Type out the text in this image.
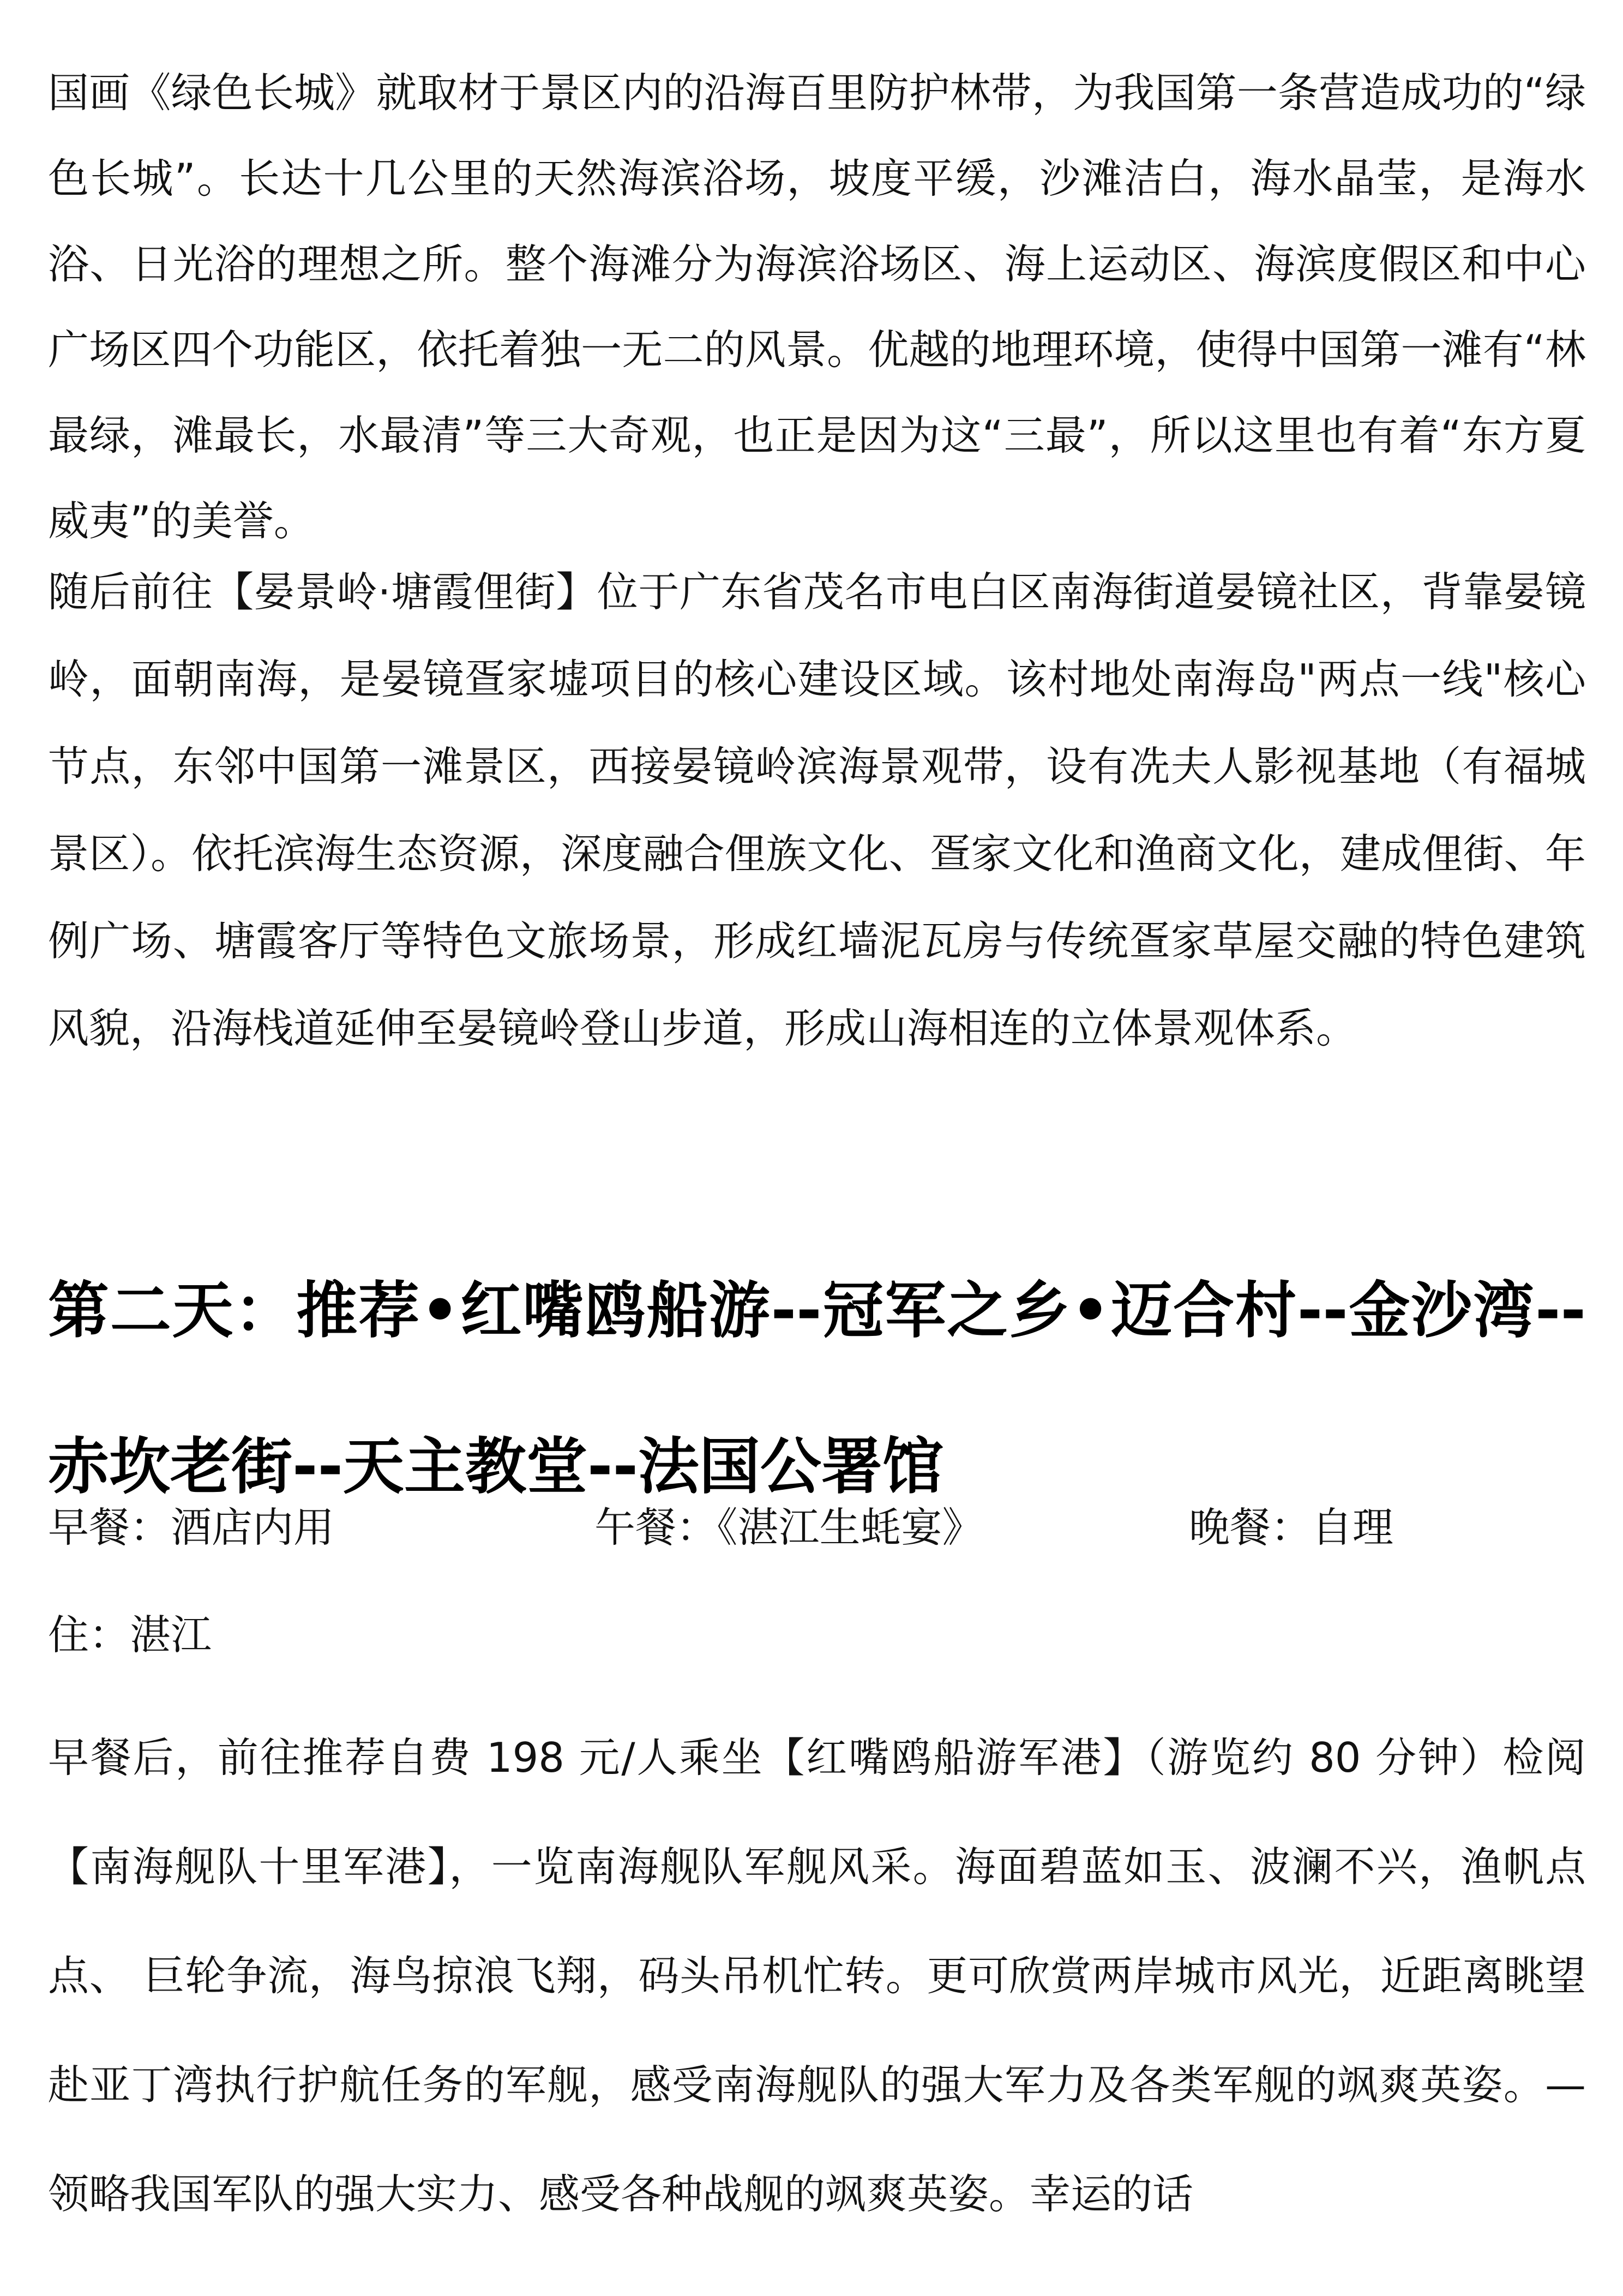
国画《绿色长城》就取材于景区内的沿海百里防护林带，为我国第一条营造成功的“绿色长城”。长达十几公里的天然海滨浴场，坡度平缓，沙滩洁白，海水晶莹，是海水浴、日光浴的理想之所。整个海滩分为海滨浴场区、海上运动区、海滨度假区和中心广场区四个功能区，依托着独一无二的风景。优越的地理环境，使得中国第一滩有“林最绿，滩最长，水最清”等三大奇观，也正是因为这“三最”，所以这里也有着“东方夏威夷”的美誉。

随后前往【晏景岭·塘霞俚街】位于广东省茂名市电白区南海街道晏镜社区，背靠晏镜岭，面朝南海，是晏镜疍家墟项目的核心建设区域。该村地处南海岛"两点一线"核心节点，东邻中国第一滩景区，西接晏镜岭滨海景观带，设有冼夫人影视基地（有福城景区）。依托滨海生态资源，深度融合俚族文化、疍家文化和渔商文化，建成俚街、年例广场、塘霞客厅等特色文旅场景，形成红墙泥瓦房与传统疍家草屋交融的特色建筑风貌，沿海栈道延伸至晏镜岭登山步道，形成山海相连的立体景观体系。

第二天：推荐•红嘴鸥船游--冠军之乡•迈合村--金沙湾--赤坎老街--天主教堂--法国公署馆
早餐：酒店内用	午餐：《湛江生蚝宴》	晚餐：自理
住：湛江

早餐后，前往推荐自费 198 元/人乘坐【红嘴鸥船游军港】（游览约 80 分钟）检阅【南海舰队十里军港】，一览南海舰队军舰风采。海面碧蓝如玉、波澜不兴，渔帆点点、 巨轮争流，海鸟掠浪飞翔，码头吊机忙转。更可欣赏两岸城市风光，近距离眺望赴亚丁湾执行护航任务的军舰，感受南海舰队的强大军力及各类军舰的飒爽英姿。—领略我国军队的强大实力、感受各种战舰的飒爽英姿。幸运的话
